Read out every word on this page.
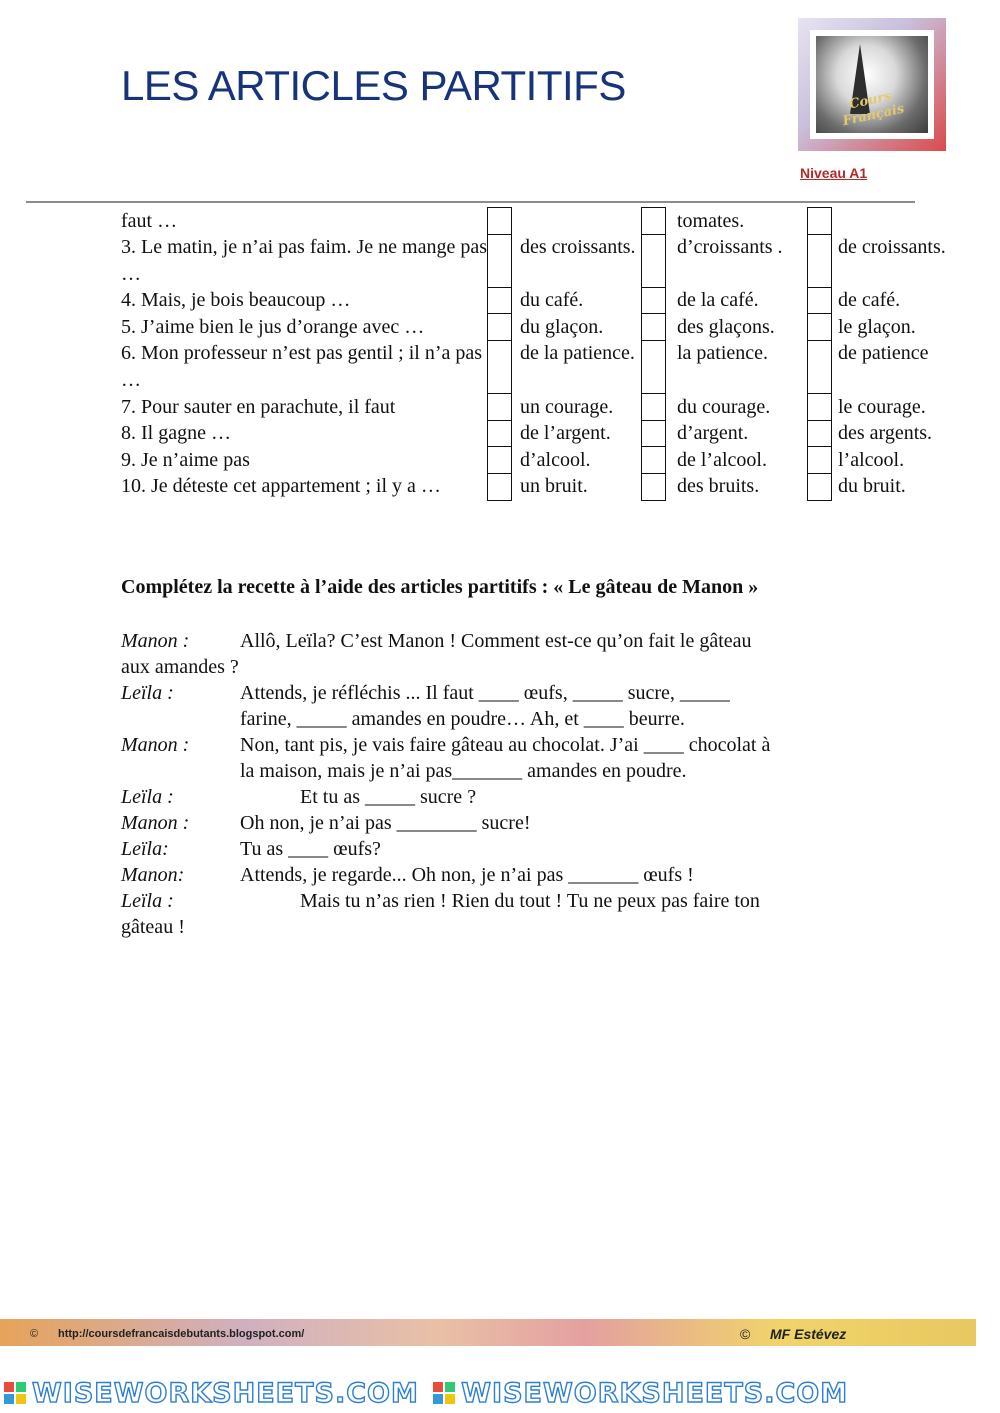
LES ARTICLES PARTITIFS	Cours Français
Niveau A1
faut …					tomates.		
3. Le matin, je n’ai pas faim. Je ne mange pas …			des croissants.		d’croissants .		de croissants.
4. Mais, je bois beaucoup …			du café.		de la café.		de café.
5. J’aime bien le jus d’orange avec …			du glaçon.		des glaçons.		le glaçon.
6. Mon professeur n’est pas gentil ; il n’a pas …			de la patience.		la patience.		de patience
7. Pour sauter en parachute, il faut			un courage.		du courage.		le courage.
8. Il gagne …			de l’argent.		d’argent.		des argents.
9. Je n’aime pas			d’alcool.		de l’alcool.		l’alcool.
10. Je déteste cet appartement ; il y a …			un bruit.		des bruits.		du bruit.

Complétez la recette à l’aide des articles partitifs : « Le gâteau de Manon »

Manon :	Allô, Leïla? C’est Manon ! Comment est-ce qu’on fait le gâteau
aux amandes ?
Leïla :	Attends, je réfléchis ... Il faut ____ œufs, _____ sucre, _____
farine, _____ amandes en poudre… Ah, et ____ beurre.
Manon :	Non, tant pis, je vais faire gâteau au chocolat. J’ai ____ chocolat à
la maison, mais je n’ai pas_______ amandes en poudre.
Leïla :	Et tu as _____ sucre ?
Manon :	Oh non, je n’ai pas ________ sucre!
Leïla:	Tu as ____ œufs?
Manon:	Attends, je regarde... Oh non, je n’ai pas _______ œufs !
Leïla :	Mais tu n’as rien ! Rien du tout ! Tu ne peux pas faire ton
gâteau !
© http://coursdefrancaisdebutants.blogspot.com/	© MF Estévez
WISEWORKSHEETS.COM WISEWORKSHEETS.COM
